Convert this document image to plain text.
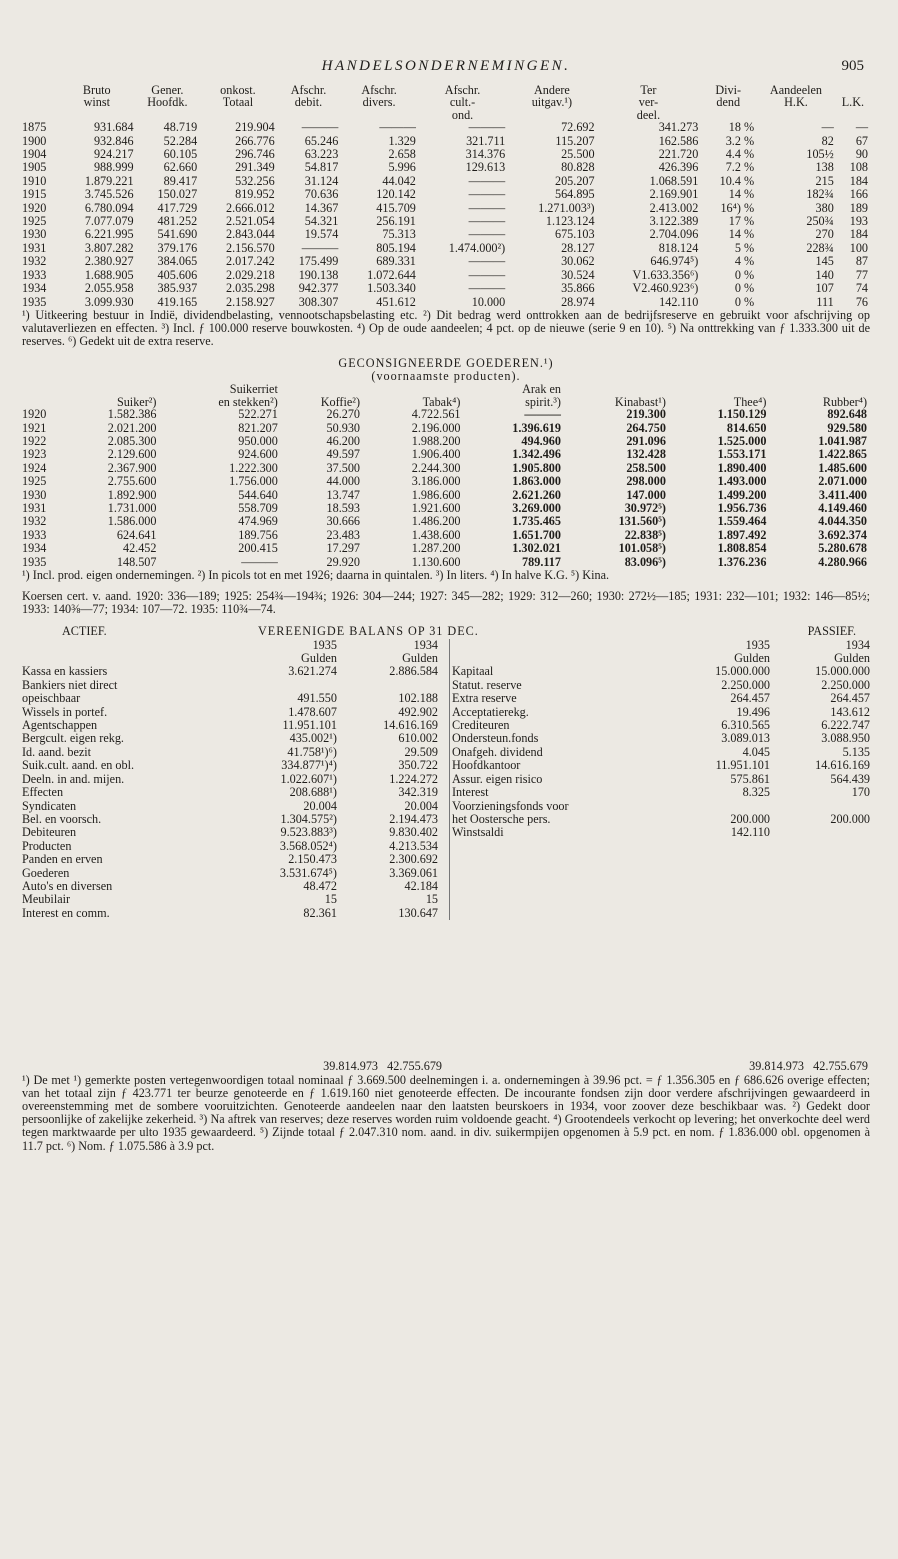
HANDELSONDERNEMINGEN.	905
	Bruto	Gener.	onkost.	Afschr.	Afschr.	Afschr.	Andere	Ter	Divi-	Aandeelen	
	winst	Hoofdk.	Totaal	debit.	divers.	cult.-	uitgav.¹)	ver-	dend	H.K.	L.K.
						ond.		deel.			
1875	931.684	48.719	219.904	———	———	———	72.692	341.273	18 %	—	—
1900	932.846	52.284	266.776	65.246	1.329	321.711	115.207	162.586	3.2 %	82	67
1904	924.217	60.105	296.746	63.223	2.658	314.376	25.500	221.720	4.4 %	105½	90
1905	988.999	62.660	291.349	54.817	5.996	129.613	80.828	426.396	7.2 %	138	108
1910	1.879.221	89.417	532.256	31.124	44.042	———	205.207	1.068.591	10.4 %	215	184
1915	3.745.526	150.027	819.952	70.636	120.142	———	564.895	2.169.901	14 %	182¾	166
1920	6.780.094	417.729	2.666.012	14.367	415.709	———	1.271.003³)	2.413.002	16⁴) %	380	189
1925	7.077.079	481.252	2.521.054	54.321	256.191	———	1.123.124	3.122.389	17 %	250¾	193
1930	6.221.995	541.690	2.843.044	19.574	75.313	———	675.103	2.704.096	14 %	270	184
1931	3.807.282	379.176	2.156.570	———	805.194	1.474.000²)	28.127	818.124	5 %	228¾	100
1932	2.380.927	384.065	2.017.242	175.499	689.331	———	30.062	646.974⁵)	4 %	145	87
1933	1.688.905	405.606	2.029.218	190.138	1.072.644	———	30.524	V1.633.356⁶)	0 %	140	77
1934	2.055.958	385.937	2.035.298	942.377	1.503.340	———	35.866	V2.460.923⁶)	0 %	107	74
1935	3.099.930	419.165	2.158.927	308.307	451.612	10.000	28.974	142.110	0 %	111	76

¹) Uitkeering bestuur in Indië, dividendbelasting, vennootschapsbelasting etc. ²) Dit bedrag werd onttrokken aan de bedrijfsreserve en gebruikt voor afschrijving op valutaverliezen en effecten. ³) Incl. ƒ 100.000 reserve bouwkosten. ⁴) Op de oude aandeelen; 4 pct. op de nieuwe (serie 9 en 10). ⁵) Na onttrekking van ƒ 1.333.300 uit de reserves. ⁶) Gedekt uit de extra reserve.

GECONSIGNEERDE GOEDEREN.¹)
(voornaamste producten).
		Suikerriet			Arak en			
	Suiker²)	en stekken²)	Koffie²)	Tabak⁴)	spirit.³)	Kinabast¹)	Thee⁴)	Rubber⁴)
1920	1.582.386	522.271	26.270	4.722.561	———	219.300	1.150.129	892.648
1921	2.021.200	821.207	50.930	2.196.000	1.396.619	264.750	814.650	929.580
1922	2.085.300	950.000	46.200	1.988.200	494.960	291.096	1.525.000	1.041.987
1923	2.129.600	924.600	49.597	1.906.400	1.342.496	132.428	1.553.171	1.422.865
1924	2.367.900	1.222.300	37.500	2.244.300	1.905.800	258.500	1.890.400	1.485.600
1925	2.755.600	1.756.000	44.000	3.186.000	1.863.000	298.000	1.493.000	2.071.000
1930	1.892.900	544.640	13.747	1.986.600	2.621.260	147.000	1.499.200	3.411.400
1931	1.731.000	558.709	18.593	1.921.600	3.269.000	30.972⁵)	1.956.736	4.149.460
1932	1.586.000	474.969	30.666	1.486.200	1.735.465	131.560⁵)	1.559.464	4.044.350
1933	624.641	189.756	23.483	1.438.600	1.651.700	22.838⁵)	1.897.492	3.692.374
1934	42.452	200.415	17.297	1.287.200	1.302.021	101.058⁵)	1.808.854	5.280.678
1935	148.507	———	29.920	1.130.600	789.117	83.096⁵)	1.376.236	4.280.966

¹) Incl. prod. eigen ondernemingen. ²) In picols tot en met 1926; daarna in quintalen. ³) In liters. ⁴) In halve K.G. ⁵) Kina.

Koersen cert. v. aand. 1920: 336—189; 1925: 254¾—194¾; 1926: 304—244; 1927: 345—282; 1929: 312—260; 1930: 272½—185; 1931: 232—101; 1932: 146—85½; 1933: 140⅜—77; 1934: 107—72. 1935: 110¾—74.

ACTIEF.	VEREENIGDE BALANS OP 31 DEC.	PASSIEF.
	1935	1934
	Gulden	Gulden
Kassa en kassiers	3.621.274	2.886.584
Bankiers niet direct		
opeischbaar	491.550	102.188
Wissels in portef.	1.478.607	492.902
Agentschappen	11.951.101	14.616.169
Bergcult. eigen rekg.	435.002¹)	610.002
Id. aand. bezit	41.758¹)⁶)	29.509
Suik.cult. aand. en obl.	334.877¹)⁴)	350.722
Deeln. in and. mijen.	1.022.607¹)	1.224.272
Effecten	208.688¹)	342.319
Syndicaten	20.004	20.004
Bel. en voorsch.	1.304.575²)	2.194.473
Debiteuren	9.523.883³)	9.830.402
Producten	3.568.052⁴)	4.213.534
Panden en erven	2.150.473	2.300.692
Goederen	3.531.674⁵)	3.369.061
Auto's en diversen	48.472	42.184
Meubilair	15	15
Interest en comm.	82.361	130.647
	1935	1934
	Gulden	Gulden
Kapitaal	15.000.000	15.000.000
Statut. reserve	2.250.000	2.250.000
Extra reserve	264.457	264.457
Acceptatierekg.	19.496	143.612
Crediteuren	6.310.565	6.222.747
Ondersteun.fonds	3.089.013	3.088.950
Onafgeh. dividend	4.045	5.135
Hoofdkantoor	11.951.101	14.616.169
Assur. eigen risico	575.861	564.439
Interest	8.325	170
Voorzieningsfonds voor		
het Oostersche pers.	200.000	200.000
Winstsaldi	142.110	
39.814.973 42.755.679	39.814.973 42.755.679

¹) De met ¹) gemerkte posten vertegenwoordigen totaal nominaal ƒ 3.669.500 deelnemingen i. a. ondernemingen à 39.96 pct. = ƒ 1.356.305 en ƒ 686.626 overige effecten; van het totaal zijn ƒ 423.771 ter beurze genoteerde en ƒ 1.619.160 niet genoteerde effecten. De incourante fondsen zijn door verdere afschrijvingen gewaardeerd in overeenstemming met de sombere vooruitzichten. Genoteerde aandeelen naar den laatsten beurskoers in 1934, voor zoover deze beschikbaar was. ²) Gedekt door persoonlijke of zakelijke zekerheid. ³) Na aftrek van reserves; deze reserves worden ruim voldoende geacht. ⁴) Grootendeels verkocht op levering; het onverkochte deel werd tegen marktwaarde per ulto 1935 gewaardeerd. ⁵) Zijnde totaal ƒ 2.047.310 nom. aand. in div. suikermpijen opgenomen à 5.9 pct. en nom. ƒ 1.836.000 obl. opgenomen à 11.7 pct. ⁶) Nom. ƒ 1.075.586 à 3.9 pct.
